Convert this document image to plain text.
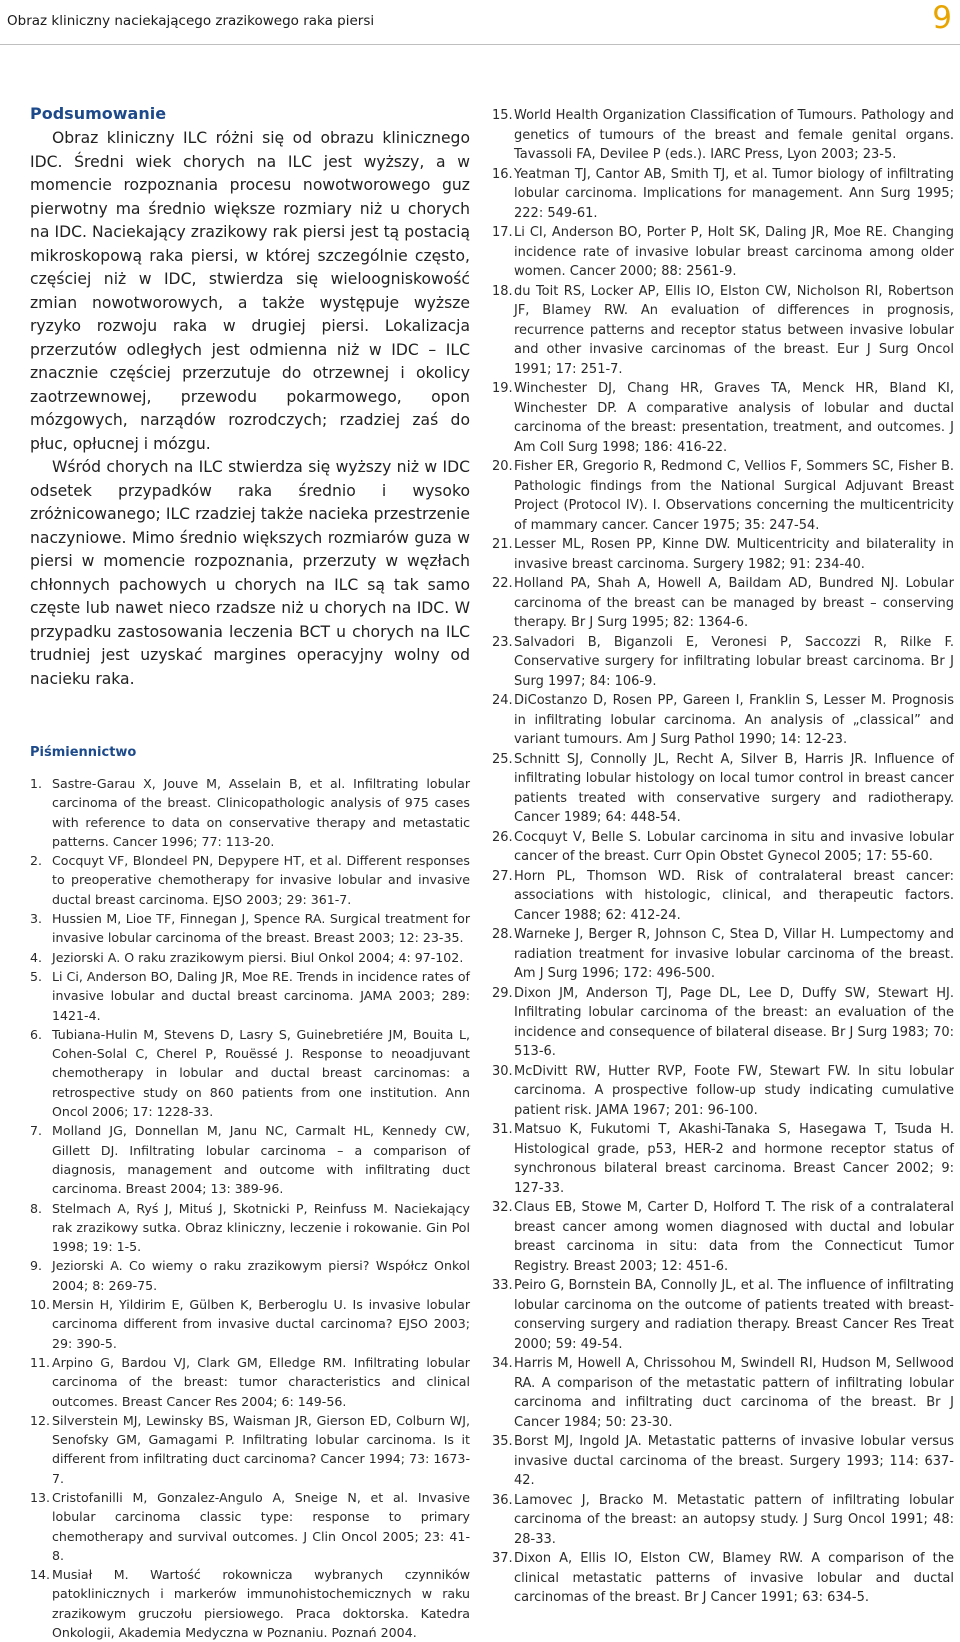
Obraz kliniczny naciekającego zrazikowego raka piersi	9
Podsumowanie

Obraz kliniczny ILC różni się od obrazu klinicznego IDC. Średni wiek chorych na ILC jest wyższy, a w momencie rozpoznania procesu nowotworowego guz pierwotny ma średnio większe rozmiary niż u chorych na IDC. Naciekający zrazikowy rak piersi jest tą postacią mikroskopową raka piersi, w której szczególnie często, częściej niż w IDC, stwierdza się wieloogniskowość zmian nowotworowych, a także występuje wyższe ryzyko rozwoju raka w drugiej piersi. Lokalizacja przerzutów odległych jest odmienna niż w IDC – ILC znacznie częściej przerzutuje do otrzewnej i okolicy zaotrzewnowej, przewodu pokarmowego, opon mózgowych, narządów rozrodczych; rzadziej zaś do płuc, opłucnej i mózgu.

Wśród chorych na ILC stwierdza się wyższy niż w IDC odsetek przypadków raka średnio i wysoko zróżnicowanego; ILC rzadziej także nacieka przestrzenie naczyniowe. Mimo średnio większych rozmiarów guza w piersi w momencie rozpoznania, przerzuty w węzłach chłonnych pachowych u chorych na ILC są tak samo częste lub nawet nieco rzadsze niż u chorych na IDC. W przypadku zastosowania leczenia BCT u chorych na ILC trudniej jest uzyskać margines operacyjny wolny od nacieku raka.

Piśmiennictwo
1. Sastre-Garau X, Jouve M, Asselain B, et al. Infiltrating lobular carcinoma of the breast. Clinicopathologic analysis of 975 cases with reference to data on conservative therapy and metastatic patterns. Cancer 1996; 77: 113-20.
2. Cocquyt VF, Blondeel PN, Depypere HT, et al. Different responses to preoperative chemotherapy for invasive lobular and invasive ductal breast carcinoma. EJSO 2003; 29: 361-7.
3. Hussien M, Lioe TF, Finnegan J, Spence RA. Surgical treatment for invasive lobular carcinoma of the breast. Breast 2003; 12: 23-35.
4. Jeziorski A. O raku zrazikowym piersi. Biul Onkol 2004; 4: 97-102.
5. Li Ci, Anderson BO, Daling JR, Moe RE. Trends in incidence rates of invasive lobular and ductal breast carcinoma. JAMA 2003; 289: 1421-4.
6. Tubiana-Hulin M, Stevens D, Lasry S, Guinebretiére JM, Bouita L, Cohen-Solal C, Cherel P, Rouëssé J. Response to neoadjuvant chemotherapy in lobular and ductal breast carcinomas: a retrospective study on 860 patients from one institution. Ann Oncol 2006; 17: 1228-33.
7. Molland JG, Donnellan M, Janu NC, Carmalt HL, Kennedy CW, Gillett DJ. Infiltrating lobular carcinoma – a comparison of diagnosis, management and outcome with infiltrating duct carcinoma. Breast 2004; 13: 389-96.
8. Stelmach A, Ryś J, Mituś J, Skotnicki P, Reinfuss M. Naciekający rak zrazikowy sutka. Obraz kliniczny, leczenie i rokowanie. Gin Pol 1998; 19: 1-5.
9. Jeziorski A. Co wiemy o raku zrazikowym piersi? Współcz Onkol 2004; 8: 269-75.
10. Mersin H, Yildirim E, Gülben K, Berberoglu U. Is invasive lobular carcinoma different from invasive ductal carcinoma? EJSO 2003; 29: 390-5.
11. Arpino G, Bardou VJ, Clark GM, Elledge RM. Infiltrating lobular carcinoma of the breast: tumor characteristics and clinical outcomes. Breast Cancer Res 2004; 6: 149-56.
12. Silverstein MJ, Lewinsky BS, Waisman JR, Gierson ED, Colburn WJ, Senofsky GM, Gamagami P. Infiltrating lobular carcinoma. Is it different from infiltrating duct carcinoma? Cancer 1994; 73: 1673-7.
13. Cristofanilli M, Gonzalez-Angulo A, Sneige N, et al. Invasive lobular carcinoma classic type: response to primary chemotherapy and survival outcomes. J Clin Oncol 2005; 23: 41-8.
14. Musiał M. Wartość rokownicza wybranych czynników patoklinicznych i markerów immunohistochemicznych w raku zrazikowym gruczołu piersiowego. Praca doktorska. Katedra Onkologii, Akademia Medyczna w Poznaniu. Poznań 2004.
15. World Health Organization Classification of Tumours. Pathology and genetics of tumours of the breast and female genital organs. Tavassoli FA, Devilee P (eds.). IARC Press, Lyon 2003; 23-5.
16. Yeatman TJ, Cantor AB, Smith TJ, et al. Tumor biology of infiltrating lobular carcinoma. Implications for management. Ann Surg 1995; 222: 549-61.
17. Li CI, Anderson BO, Porter P, Holt SK, Daling JR, Moe RE. Changing incidence rate of invasive lobular breast carcinoma among older women. Cancer 2000; 88: 2561-9.
18. du Toit RS, Locker AP, Ellis IO, Elston CW, Nicholson RI, Robertson JF, Blamey RW. An evaluation of differences in prognosis, recurrence patterns and receptor status between invasive lobular and other invasive carcinomas of the breast. Eur J Surg Oncol 1991; 17: 251-7.
19. Winchester DJ, Chang HR, Graves TA, Menck HR, Bland KI, Winchester DP. A comparative analysis of lobular and ductal carcinoma of the breast: presentation, treatment, and outcomes. J Am Coll Surg 1998; 186: 416-22.
20. Fisher ER, Gregorio R, Redmond C, Vellios F, Sommers SC, Fisher B. Pathologic findings from the National Surgical Adjuvant Breast Project (Protocol IV). I. Observations concerning the multicentricity of mammary cancer. Cancer 1975; 35: 247-54.
21. Lesser ML, Rosen PP, Kinne DW. Multicentricity and bilaterality in invasive breast carcinoma. Surgery 1982; 91: 234-40.
22. Holland PA, Shah A, Howell A, Baildam AD, Bundred NJ. Lobular carcinoma of the breast can be managed by breast – conserving therapy. Br J Surg 1995; 82: 1364-6.
23. Salvadori B, Biganzoli E, Veronesi P, Saccozzi R, Rilke F. Conservative surgery for infiltrating lobular breast carcinoma. Br J Surg 1997; 84: 106-9.
24. DiCostanzo D, Rosen PP, Gareen I, Franklin S, Lesser M. Prognosis in infiltrating lobular carcinoma. An analysis of „classical” and variant tumours. Am J Surg Pathol 1990; 14: 12-23.
25. Schnitt SJ, Connolly JL, Recht A, Silver B, Harris JR. Influence of infiltrating lobular histology on local tumor control in breast cancer patients treated with conservative surgery and radiotherapy. Cancer 1989; 64: 448-54.
26. Cocquyt V, Belle S. Lobular carcinoma in situ and invasive lobular cancer of the breast. Curr Opin Obstet Gynecol 2005; 17: 55-60.
27. Horn PL, Thomson WD. Risk of contralateral breast cancer: associations with histologic, clinical, and therapeutic factors. Cancer 1988; 62: 412-24.
28. Warneke J, Berger R, Johnson C, Stea D, Villar H. Lumpectomy and radiation treatment for invasive lobular carcinoma of the breast. Am J Surg 1996; 172: 496-500.
29. Dixon JM, Anderson TJ, Page DL, Lee D, Duffy SW, Stewart HJ. Infiltrating lobular carcinoma of the breast: an evaluation of the incidence and consequence of bilateral disease. Br J Surg 1983; 70: 513-6.
30. McDivitt RW, Hutter RVP, Foote FW, Stewart FW. In situ lobular carcinoma. A prospective follow-up study indicating cumulative patient risk. JAMA 1967; 201: 96-100.
31. Matsuo K, Fukutomi T, Akashi-Tanaka S, Hasegawa T, Tsuda H. Histological grade, p53, HER-2 and hormone receptor status of synchronous bilateral breast carcinoma. Breast Cancer 2002; 9: 127-33.
32. Claus EB, Stowe M, Carter D, Holford T. The risk of a contralateral breast cancer among women diagnosed with ductal and lobular breast carcinoma in situ: data from the Connecticut Tumor Registry. Breast 2003; 12: 451-6.
33. Peiro G, Bornstein BA, Connolly JL, et al. The influence of infiltrating lobular carcinoma on the outcome of patients treated with breast-conserving surgery and radiation therapy. Breast Cancer Res Treat 2000; 59: 49-54.
34. Harris M, Howell A, Chrissohou M, Swindell RI, Hudson M, Sellwood RA. A comparison of the metastatic pattern of infiltrating lobular carcinoma and infiltrating duct carcinoma of the breast. Br J Cancer 1984; 50: 23-30.
35. Borst MJ, Ingold JA. Metastatic patterns of invasive lobular versus invasive ductal carcinoma of the breast. Surgery 1993; 114: 637-42.
36. Lamovec J, Bracko M. Metastatic pattern of infiltrating lobular carcinoma of the breast: an autopsy study. J Surg Oncol 1991; 48: 28-33.
37. Dixon A, Ellis IO, Elston CW, Blamey RW. A comparison of the clinical metastatic patterns of invasive lobular and ductal carcinomas of the breast. Br J Cancer 1991; 63: 634-5.
